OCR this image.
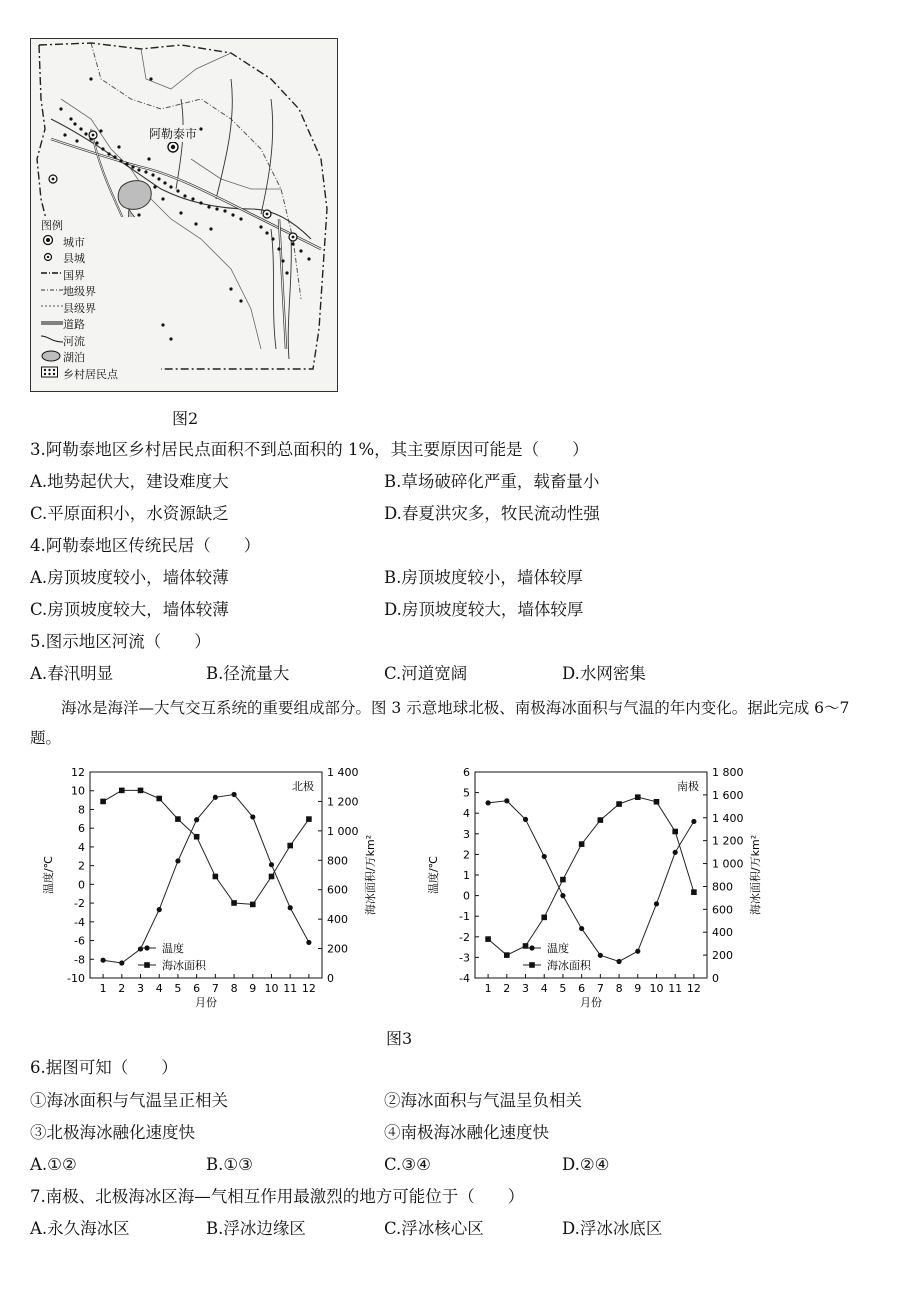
阿勒泰市
图例
城市
县城
国界
地级界
县级界
道路
河流
湖泊
乡村居民点
图2
3.阿勒泰地区乡村居民点面积不到总面积的 1%，其主要原因可能是（　　）
A.地势起伏大，建设难度大	B.草场破碎化严重，载畜量小
C.平原面积小，水资源缺乏	D.春夏洪灾多，牧民流动性强
4.阿勒泰地区传统民居（　　）
A.房顶坡度较小，墙体较薄	B.房顶坡度较小，墙体较厚
C.房顶坡度较大，墙体较薄	D.房顶坡度较大，墙体较厚
5.图示地区河流（　　）
A.春汛明显	B.径流量大	C.河道宽阔	D.水网密集
海冰是海洋—大气交互系统的重要组成部分。图 3 示意地球北极、南极海冰面积与气温的年内变化。据此完成 6～7 题。
-10
-8
-6
-4
-2
0
2
4
6
8
10
12
0
200
400
600
800
1 000
1 200
1 400
1 2 3 4 5 6 7 8 9 10 11 12
月份
温度/℃	海冰面积/万km²
北极
温度
海冰面积
-4
-3
-2
-1
0
1
2
3
4
5
6
0
200
400
600
800
1 000
1 200
1 400
1 600
1 800
1 2 3 4 5 6 7 8 9 10 11 12
月份
温度/℃	海冰面积/万km²
南极
温度
海冰面积
图3
6.据图可知（　　）
①海冰面积与气温呈正相关	②海冰面积与气温呈负相关
③北极海冰融化速度快	④南极海冰融化速度快
A.①②	B.①③	C.③④	D.②④
7.南极、北极海冰区海—气相互作用最激烈的地方可能位于（　　）
A.永久海冰区	B.浮冰边缘区	C.浮冰核心区	D.浮冰冰底区
